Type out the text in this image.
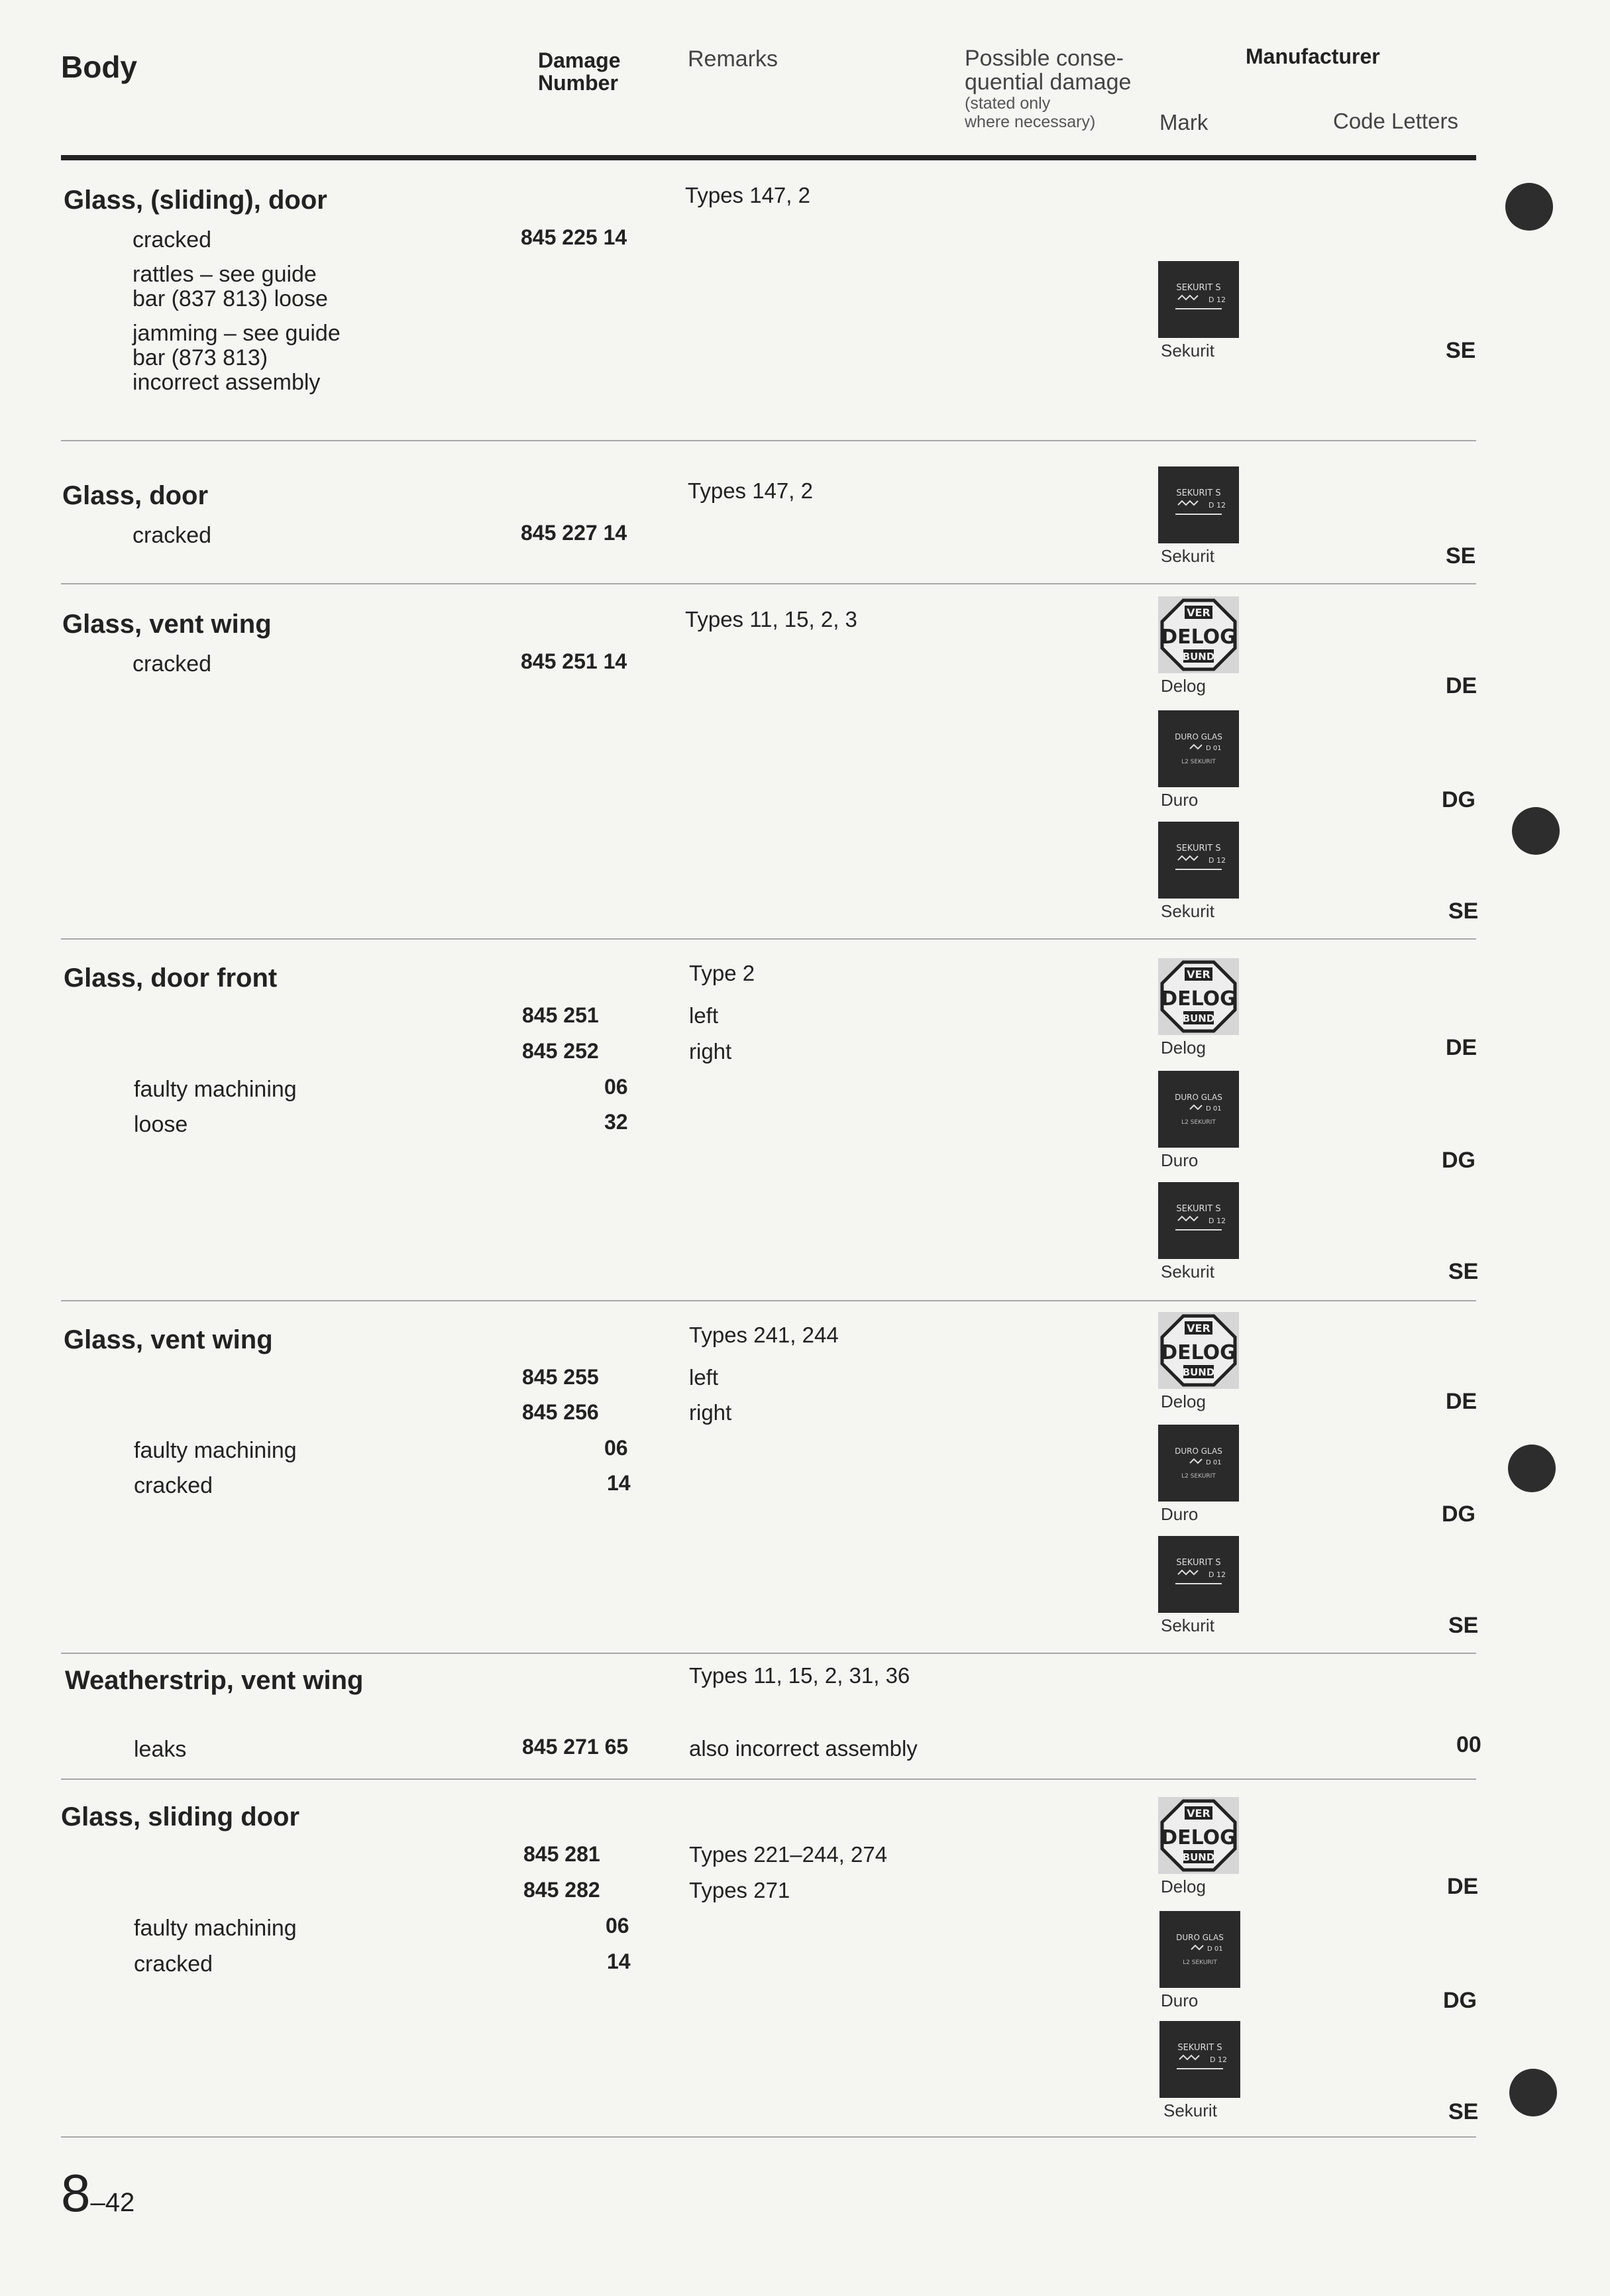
Body	Damage
Number
Remarks	Possible conse-
quential damage
(stated only
where necessary)
Manufacturer
Mark	Code Letters
Glass, (sliding), door	Types 147, 2
cracked	845 225 14
rattles – see guide
bar (837 813) loose
jamming – see guide
bar (873 813)
incorrect assembly
SEKURIT S
D 12
Sekurit	SE
Glass, door	Types 147, 2
cracked	845 227 14
SEKURIT S
D 12
Sekurit	SE
Glass, vent wing	Types 11, 15, 2, 3
cracked	845 251 14
VER
DELOG
BUND
Delog	DE
DURO GLAS
D 01
L2 SEKURIT
Duro	DG
SEKURIT S
D 12
Sekurit	SE
Glass, door front	Type 2
845 251	left
845 252	right
faulty machining	06
loose	32
VER
DELOG
BUND
Delog	DE
DURO GLAS
D 01
L2 SEKURIT
Duro	DG
SEKURIT S
D 12
Sekurit	SE
Glass, vent wing	Types 241, 244
845 255	left
845 256	right
faulty machining	06
cracked	14
VER
DELOG
BUND
Delog	DE
DURO GLAS
D 01
L2 SEKURIT
Duro	DG
SEKURIT S
D 12
Sekurit	SE
Weatherstrip, vent wing	Types 11, 15, 2, 31, 36
leaks	845 271 65	also incorrect assembly	00
Glass, sliding door
845 281	Types 221–244, 274
845 282	Types 271
faulty machining	06
cracked	14
VER
DELOG
BUND
Delog	DE
DURO GLAS
D 01
L2 SEKURIT
Duro	DG
SEKURIT S
D 12
Sekurit	SE
8–42
